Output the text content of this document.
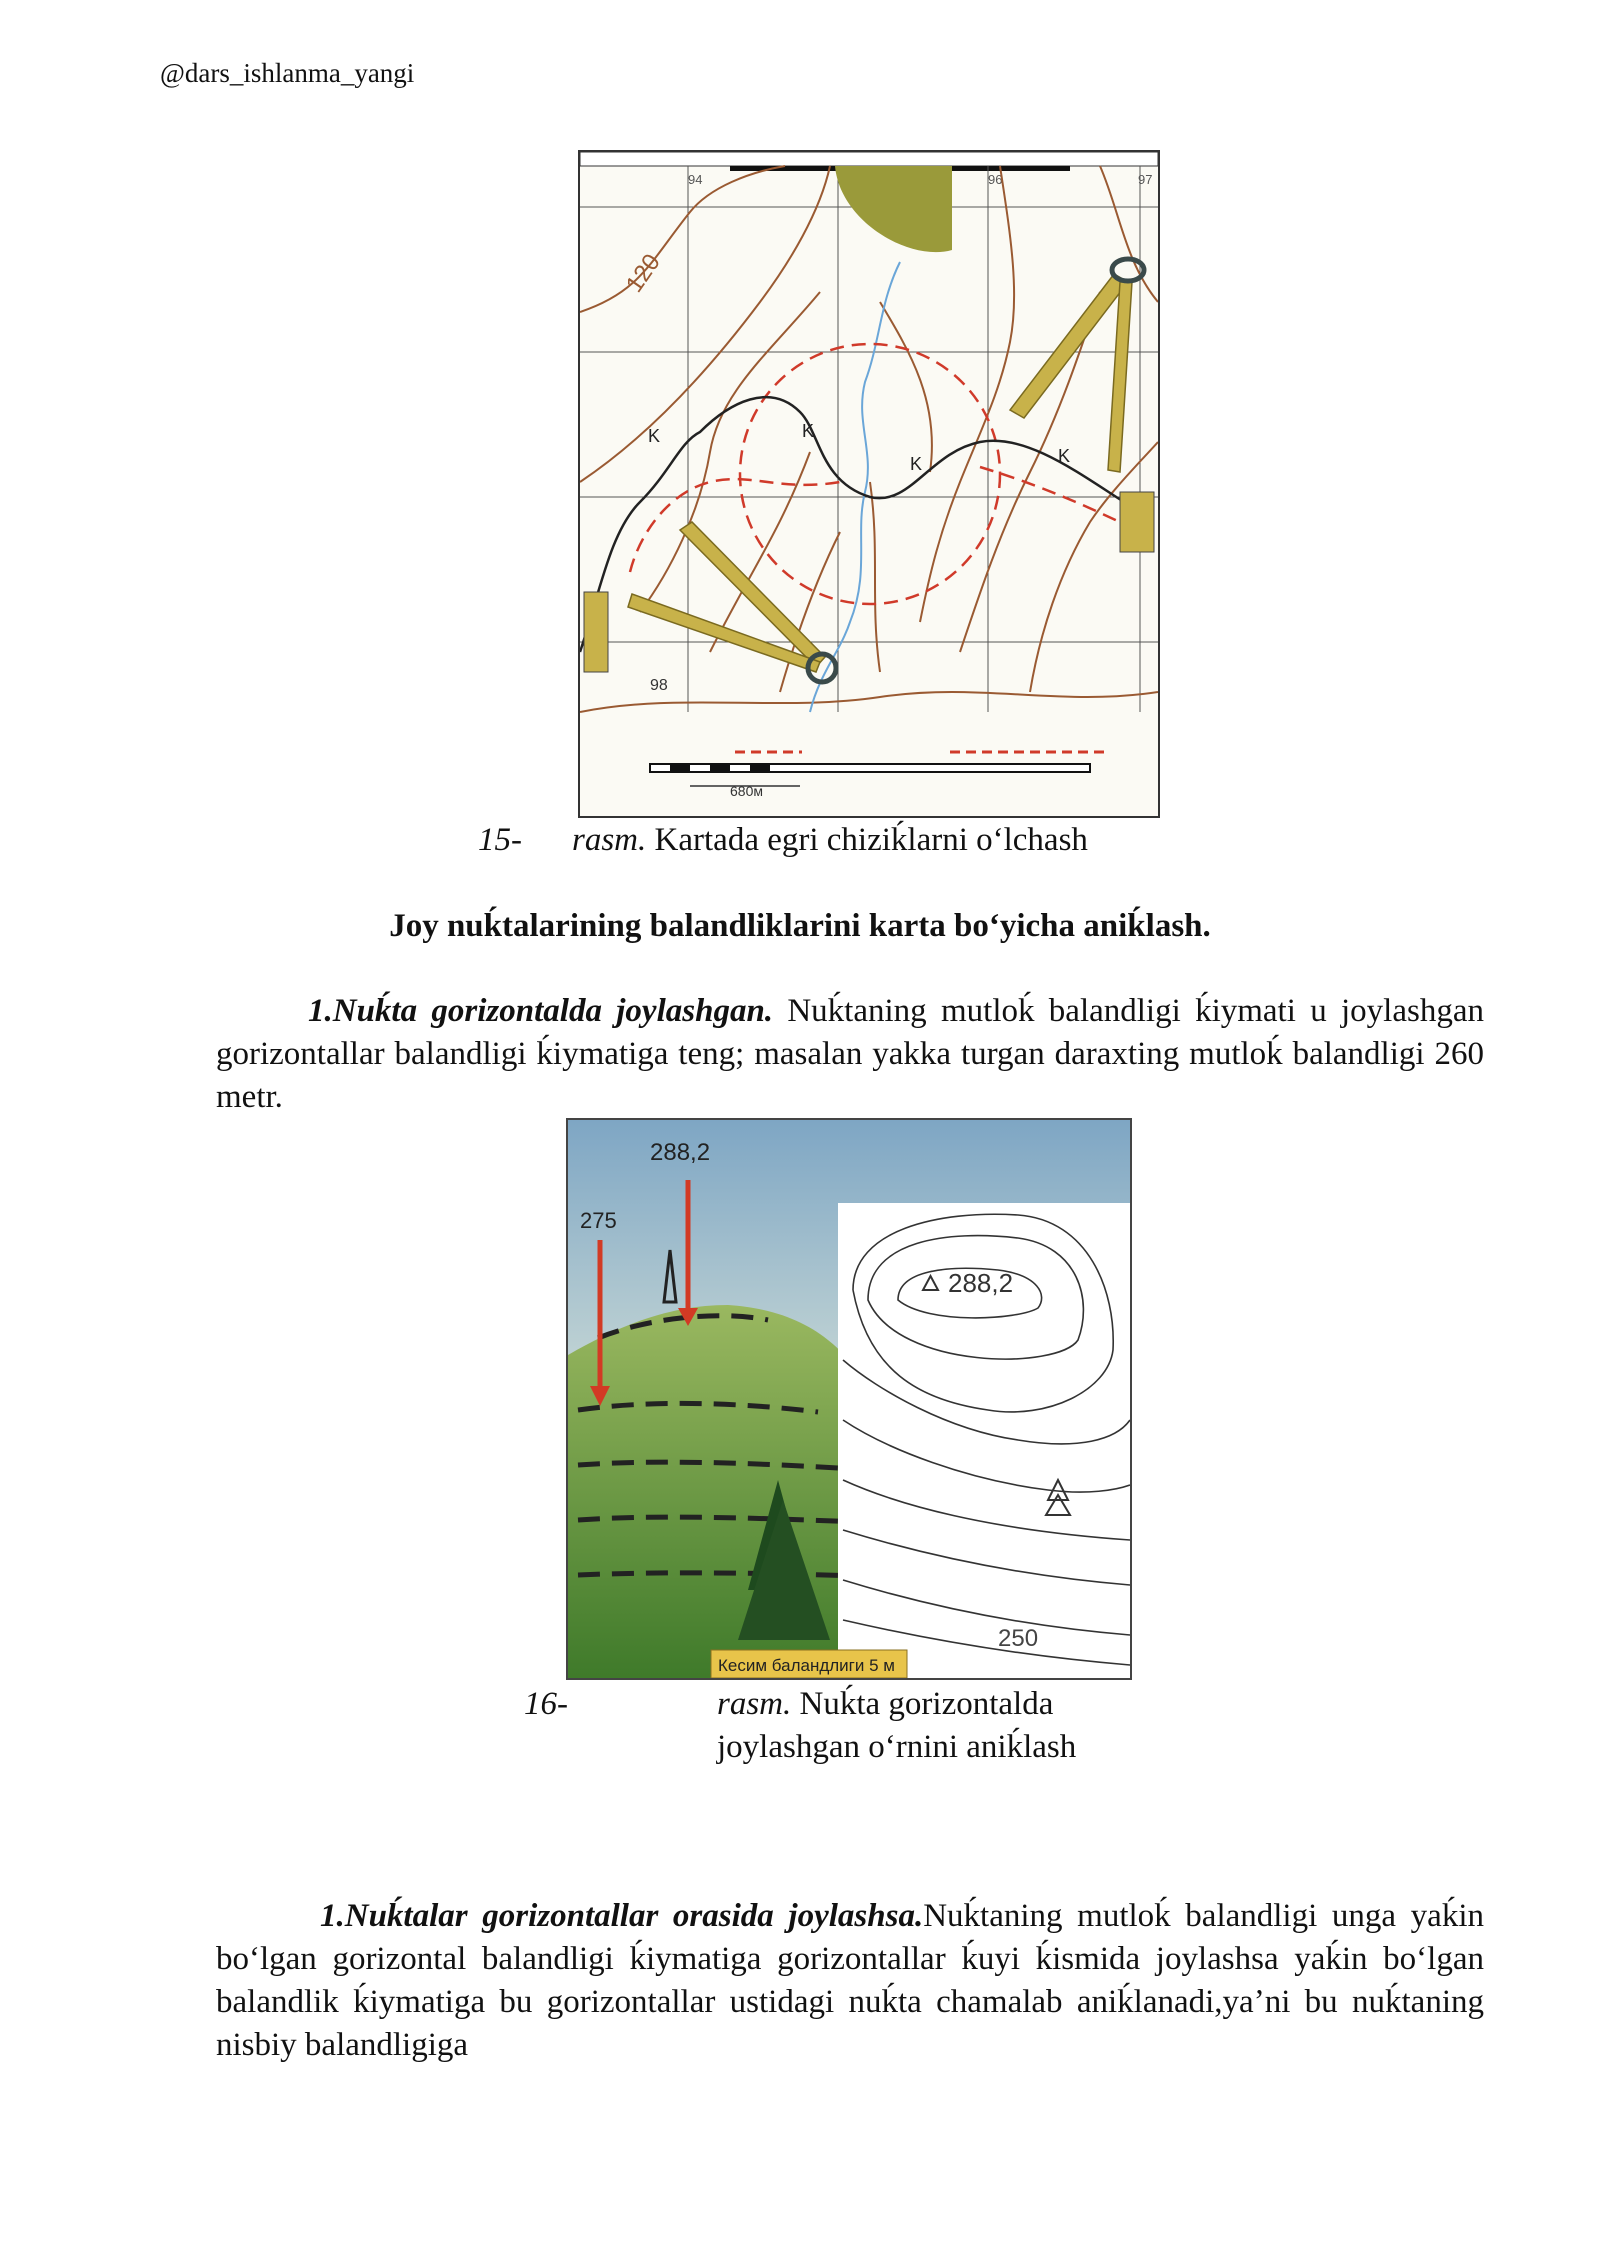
@dars_ishlanma_yangi
94	96	97
120
K	K
K	K
98
680м
15- rasm. Kartada egri chiziḱlarni oʻlchash
Joy nuḱtalarining balandliklarini karta boʻyicha aniḱlash.
1.Nuḱta gorizontalda joylashgan. Nuḱtaning mutloḱ balandligi ḱiymati u joylashgan gorizontallar balandligi ḱiymatiga teng; masalan yakka turgan daraxting mutloḱ balandligi 260 metr.
288,2
275
288,2
250
Кесим баландлиги 5 м
16-	rasm. Nuḱta gorizontalda
joylashgan oʻrnini aniḱlash
1.Nuḱtalar gorizontallar orasida joylashsa.Nuḱtaning mutloḱ balandligi unga yaḱin boʻlgan gorizontal balandligi ḱiymatiga gorizontallar ḱuyi ḱismida joylashsa yaḱin boʻlgan balandlik ḱiymatiga bu gorizontallar ustidagi nuḱta chamalab aniḱlanadi,yaʼni bu nuḱtaning nisbiy balandligiga
